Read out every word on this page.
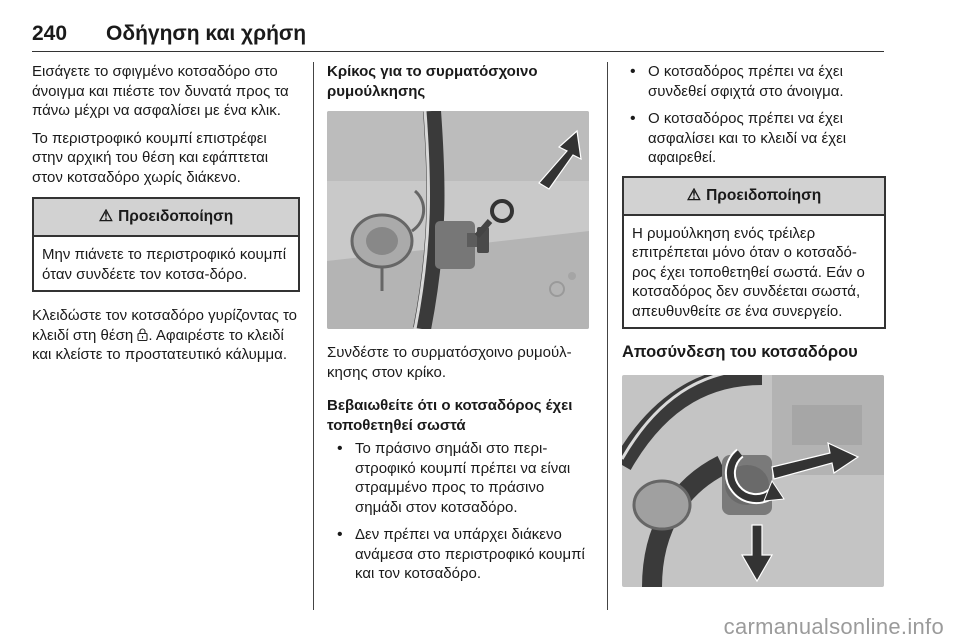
240 Οδήγηση και χρήση

Εισάγετε το σφιγμένο κοτσαδόρο στο άνοιγμα και πιέστε τον δυνατά προς τα πάνω μέχρι να ασφαλίσει με ένα κλικ.

Το περιστροφικό κουμπί επιστρέφει στην αρχική του θέση και εφάπτεται στον κοτσαδόρο χωρίς διάκενο.

⚠ Προειδοποίηση
Μην πιάνετε το περιστροφικό κουμπί όταν συνδέετε τον κοτσα-δόρο.

Κλειδώστε τον κοτσαδόρο γυρίζοντας το κλειδί στη θέση . Αφαιρέστε το κλειδί και κλείστε το προστατευτικό κάλυμμα.

Κρίκος για το συρματόσχοινο ρυμούλκησης

Συνδέστε το συρματόσχοινο ρυμούλ-κησης στον κρίκο.

Βεβαιωθείτε ότι ο κοτσαδόρος έχει τοποθετηθεί σωστά
• Το πράσινο σημάδι στο περι-στροφικό κουμπί πρέπει να είναι στραμμένο προς το πράσινο σημάδι στον κοτσαδόρο.
• Δεν πρέπει να υπάρχει διάκενο ανάμεσα στο περιστροφικό κουμπί και τον κοτσαδόρο.
• Ο κοτσαδόρος πρέπει να έχει συνδεθεί σφιχτά στο άνοιγμα.
• Ο κοτσαδόρος πρέπει να έχει ασφαλίσει και το κλειδί να έχει αφαιρεθεί.
⚠ Προειδοποίηση
Η ρυμούλκηση ενός τρέιλερ επιτρέπεται μόνο όταν ο κοτσαδό-ρος έχει τοποθετηθεί σωστά. Εάν ο κοτσαδόρος δεν συνδέεται σωστά, απευθυνθείτε σε ένα συνεργείο.
Αποσύνδεση του κοτσαδόρου
carmanualsonline.info
